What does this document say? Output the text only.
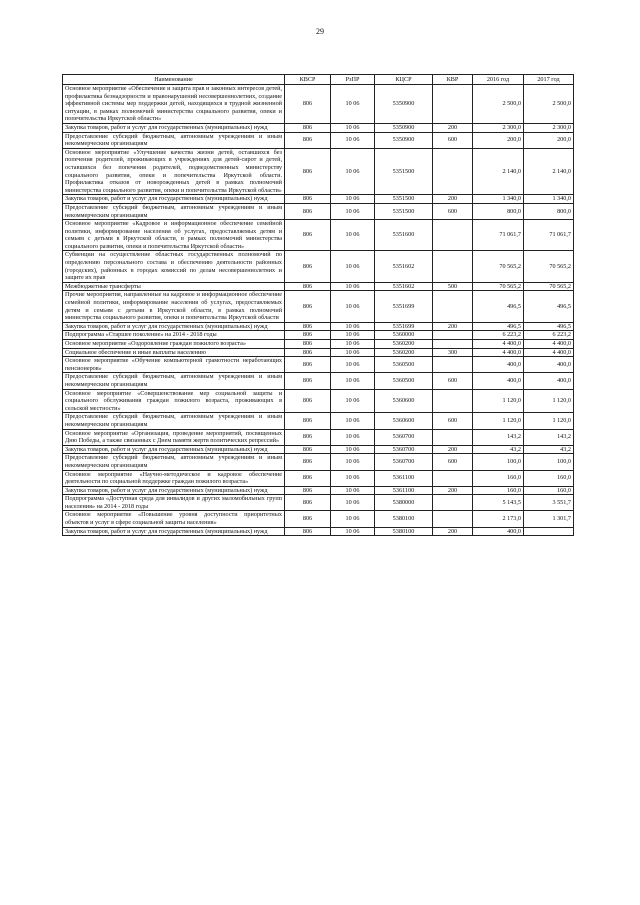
29
Наименование	КВСР	РзПР	КЦСР	КВР	2016 год	2017 год
Основное мероприятие «Обеспечение и защита прав и законных интересов детей, профилактика безнадзорности и правонарушений несовершеннолетних, создание эффективной системы мер поддержки детей, находящихся в трудной жизненной ситуации, в рамках полномочий министерства социального развития, опеки и попечительства Иркутской области»	806	10 06	5350900		2 500,0	2 500,0
Закупка товаров, работ и услуг для государственных (муниципальных) нужд	806	10 06	5350900	200	2 300,0	2 300,0
Предоставление субсидий бюджетным, автономным учреждениям и иным некоммерческим организациям	806	10 06	5350900	600	200,0	200,0
Основное мероприятие «Улучшение качества жизни детей, оставшихся без попечения родителей, проживающих в учреждениях для детей-сирот и детей, оставшихся без попечения родителей, подведомственных министерству социального развития, опеки и попечительства Иркутской области. Профилактика отказов от новорожденных детей в рамках полномочий министерства социального развития, опеки и попечительства Иркутской области»	806	10 06	5351500		2 140,0	2 140,0
Закупка товаров, работ и услуг для государственных (муниципальных) нужд	806	10 06	5351500	200	1 340,0	1 340,0
Предоставление субсидий бюджетным, автономным учреждениям и иным некоммерческим организациям	806	10 06	5351500	600	800,0	800,0
Основное мероприятие «Кадровое и информационное обеспечение семейной политики, информирование населения об услугах, предоставляемых детям и семьям с детьми в Иркутской области, в рамках полномочий министерства социального развития, опеки и попечительства Иркутской области»	806	10 06	5351600		71 061,7	71 061,7
Субвенции на осуществление областных государственных полномочий по определению персонального состава и обеспечению деятельности районных (городских), районных в городах комиссий по делам несовершеннолетних и защите их прав	806	10 06	5351602		70 565,2	70 565,2
Межбюджетные трансферты	806	10 06	5351602	500	70 565,2	70 565,2
Прочие мероприятия, направленные на кадровое и информационное обеспечение семейной политики, информирование населения об услугах, предоставляемых детям и семьям с детьми в Иркутской области, в рамках полномочий министерства социального развития, опеки и попечительства Иркутской области	806	10 06	5351699		496,5	496,5
Закупка товаров, работ и услуг для государственных (муниципальных) нужд	806	10 06	5351699	200	496,5	496,5
Подпрограмма «Старшее поколение» на 2014 - 2018 годы	806	10 06	5360000		6 223,2	6 223,2
Основное мероприятие «Оздоровление граждан пожилого возраста»	806	10 06	5360200		4 400,0	4 400,0
Социальное обеспечение и иные выплаты населению	806	10 06	5360200	300	4 400,0	4 400,0
Основное мероприятие «Обучение компьютерной грамотности неработающих пенсионеров»	806	10 06	5360500		400,0	400,0
Предоставление субсидий бюджетным, автономным учреждениям и иным некоммерческим организациям	806	10 06	5360500	600	400,0	400,0
Основное мероприятие «Совершенствование мер социальной защиты и социального обслуживания граждан пожилого возраста, проживающих в сельской местности»	806	10 06	5360600		1 120,0	1 120,0
Предоставление субсидий бюджетным, автономным учреждениям и иным некоммерческим организациям	806	10 06	5360600	600	1 120,0	1 120,0
Основное мероприятие «Организация, проведение мероприятий, посвященных Дню Победы, а также связанных с Днем памяти жертв политических репрессий»	806	10 06	5360700		143,2	143,2
Закупка товаров, работ и услуг для государственных (муниципальных) нужд	806	10 06	5360700	200	43,2	43,2
Предоставление субсидий бюджетным, автономным учреждениям и иным некоммерческим организациям	806	10 06	5360700	600	100,0	100,0
Основное мероприятие «Научно-методическое и кадровое обеспечение деятельности по социальной поддержке граждан пожилого возраста»	806	10 06	5361100		160,0	160,0
Закупка товаров, работ и услуг для государственных (муниципальных) нужд	806	10 06	5361100	200	160,0	160,0
Подпрограмма «Доступная среда для инвалидов и других маломобильных групп населения» на 2014 - 2018 годы	806	10 06	5380000		5 143,5	3 551,7
Основное мероприятие «Повышение уровня доступности приоритетных объектов и услуг в сфере социальной защиты населения»	806	10 06	5380100		2 173,0	1 301,7
Закупка товаров, работ и услуг для государственных (муниципальных) нужд	806	10 06	5380100	200	400,0	
